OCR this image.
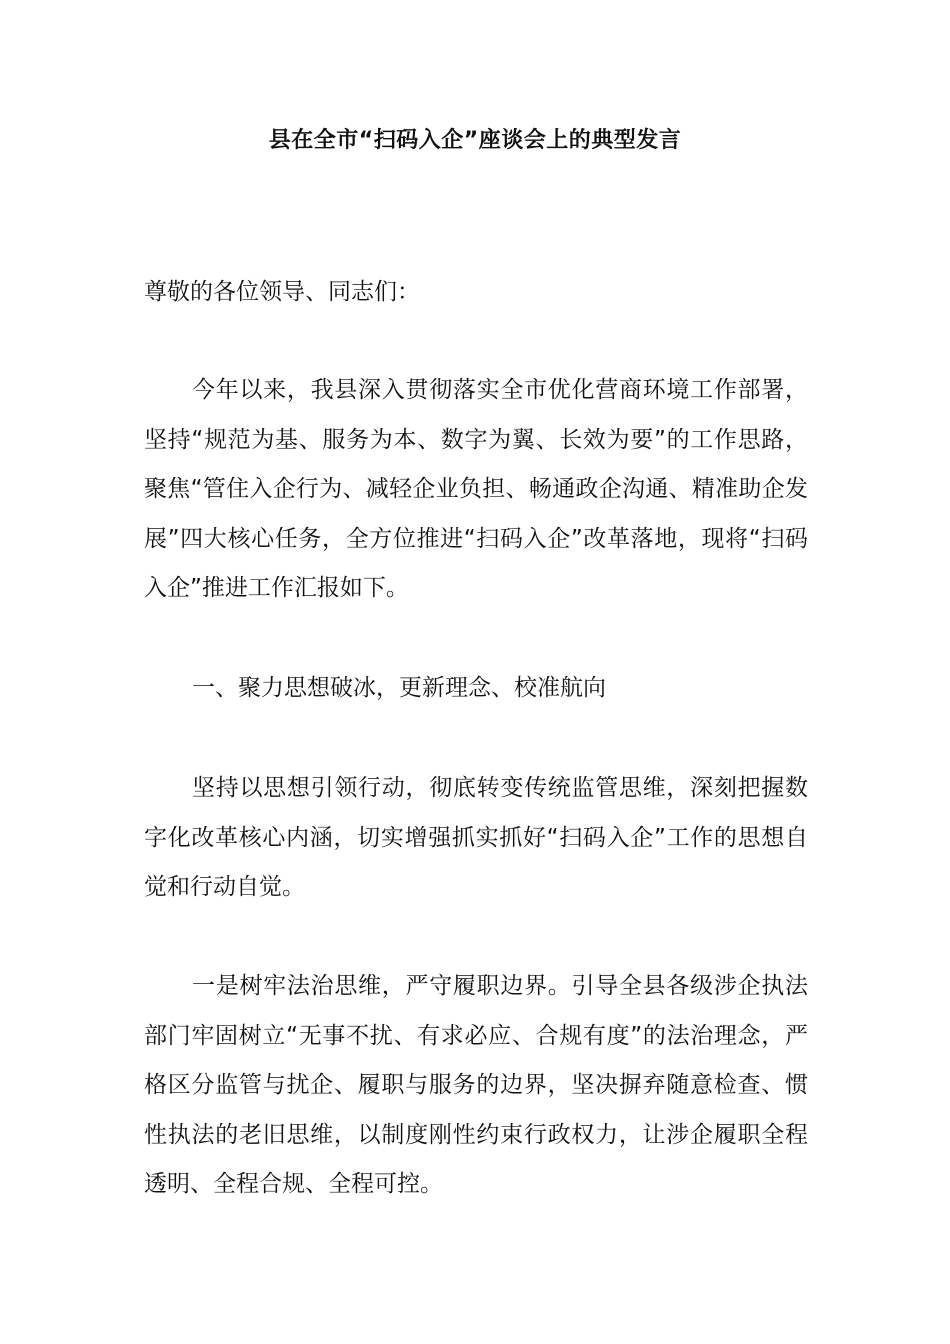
县在全市“扫码入企”座谈会上的典型发言

尊敬的各位领导、同志们：

今年以来，我县深入贯彻落实全市优化营商环境工作部署，坚持“规范为基、服务为本、数字为翼、长效为要”的工作思路，聚焦“管住入企行为、减轻企业负担、畅通政企沟通、精准助企发展”四大核心任务，全方位推进“扫码入企”改革落地，现将“扫码入企”推进工作汇报如下。

一、聚力思想破冰，更新理念、校准航向

坚持以思想引领行动，彻底转变传统监管思维，深刻把握数字化改革核心内涵，切实增强抓实抓好“扫码入企”工作的思想自觉和行动自觉。

一是树牢法治思维，严守履职边界。引导全县各级涉企执法部门牢固树立“无事不扰、有求必应、合规有度”的法治理念，严格区分监管与扰企、履职与服务的边界，坚决摒弃随意检查、惯性执法的老旧思维，以制度刚性约束行政权力，让涉企履职全程透明、全程合规、全程可控。
